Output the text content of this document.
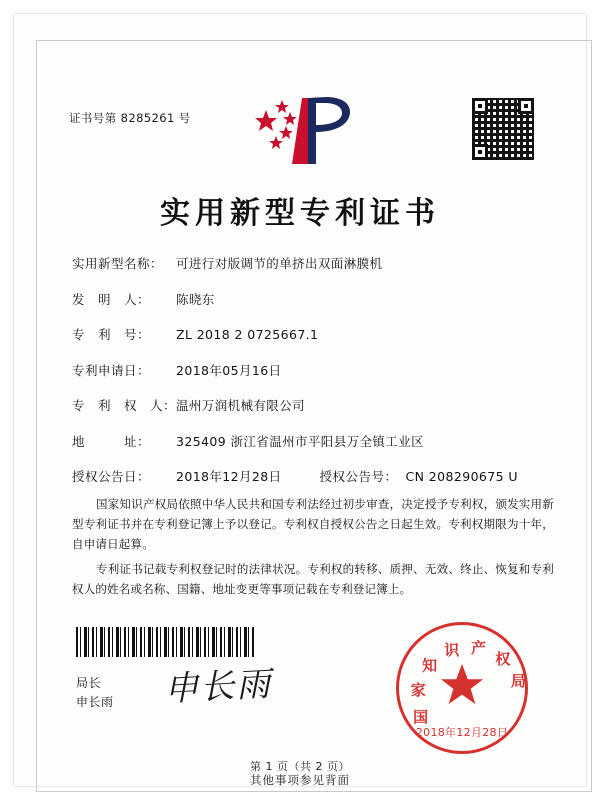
证书号第 8285261 号
实用新型专利证书
实用新型名称：	可进行对版调节的单挤出双面淋膜机
发　明　人：	陈晓东
专　利　号：	ZL 2018 2 0725667.1
专利申请日：	2018年05月16日
专　利　权　人： 温州万润机械有限公司
地　　　址：	325409 浙江省温州市平阳县万全镇工业区
授权公告日：	2018年12月28日	授权公告号： CN 208290675 U
国家知识产权局依照中华人民共和国专利法经过初步审查，决定授予专利权，颁发实用新型专利证书并在专利登记簿上予以登记。专利权自授权公告之日起生效。专利权期限为十年，自申请日起算。
专利证书记载专利权登记时的法律状况。专利权的转移、质押、无效、终止、恢复和专利权人的姓名或名称、国籍、地址变更等事项记载在专利登记簿上。
局长
申长雨 申长雨
国
家
知
识 产
权
局
2018年12月28日
第 1 页（共 2 页）
其他事项参见背面
